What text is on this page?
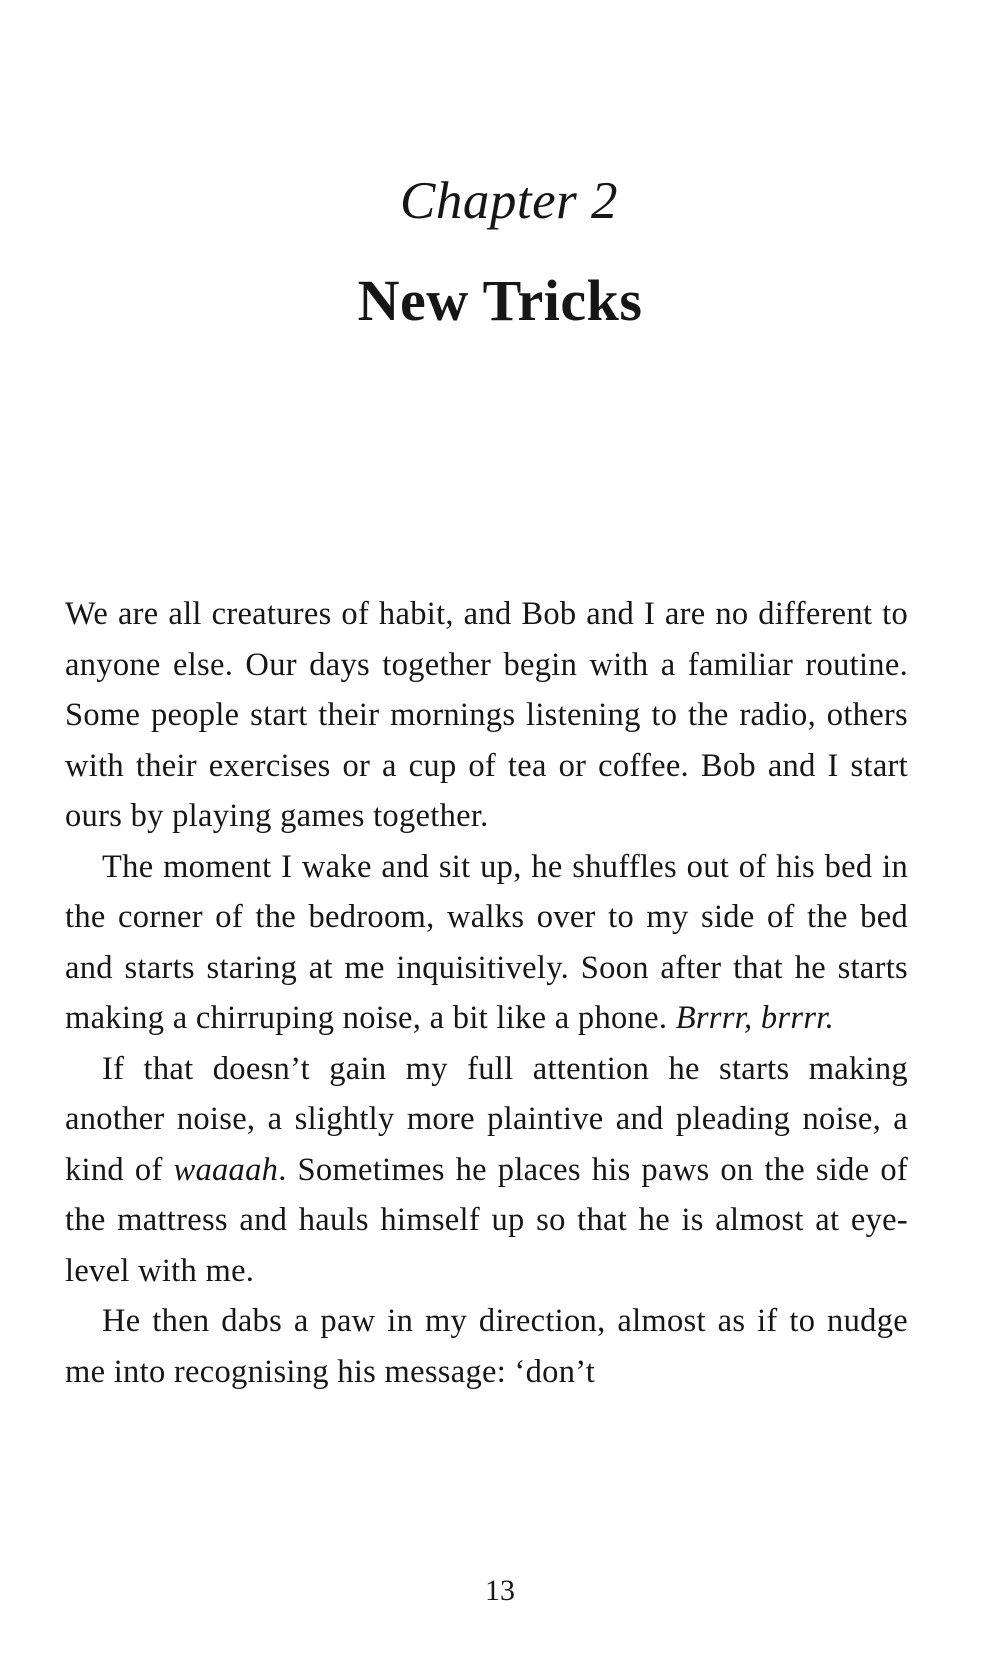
Chapter 2
New Tricks

We are all creatures of habit, and Bob and I are no different to anyone else. Our days together begin with a familiar routine. Some people start their mornings listening to the radio, others with their exercises or a cup of tea or coffee. Bob and I start ours by playing games together.

The moment I wake and sit up, he shuffles out of his bed in the corner of the bedroom, walks over to my side of the bed and starts staring at me inquisitively. Soon after that he starts making a chirruping noise, a bit like a phone. Brrrr, brrrr.

If that doesn’t gain my full attention he starts making another noise, a slightly more plaintive and pleading noise, a kind of waaaah. Sometimes he places his paws on the side of the mattress and hauls himself up so that he is almost at eye-level with me.

He then dabs a paw in my direction, almost as if to nudge me into recognising his message: ‘don’t

13
